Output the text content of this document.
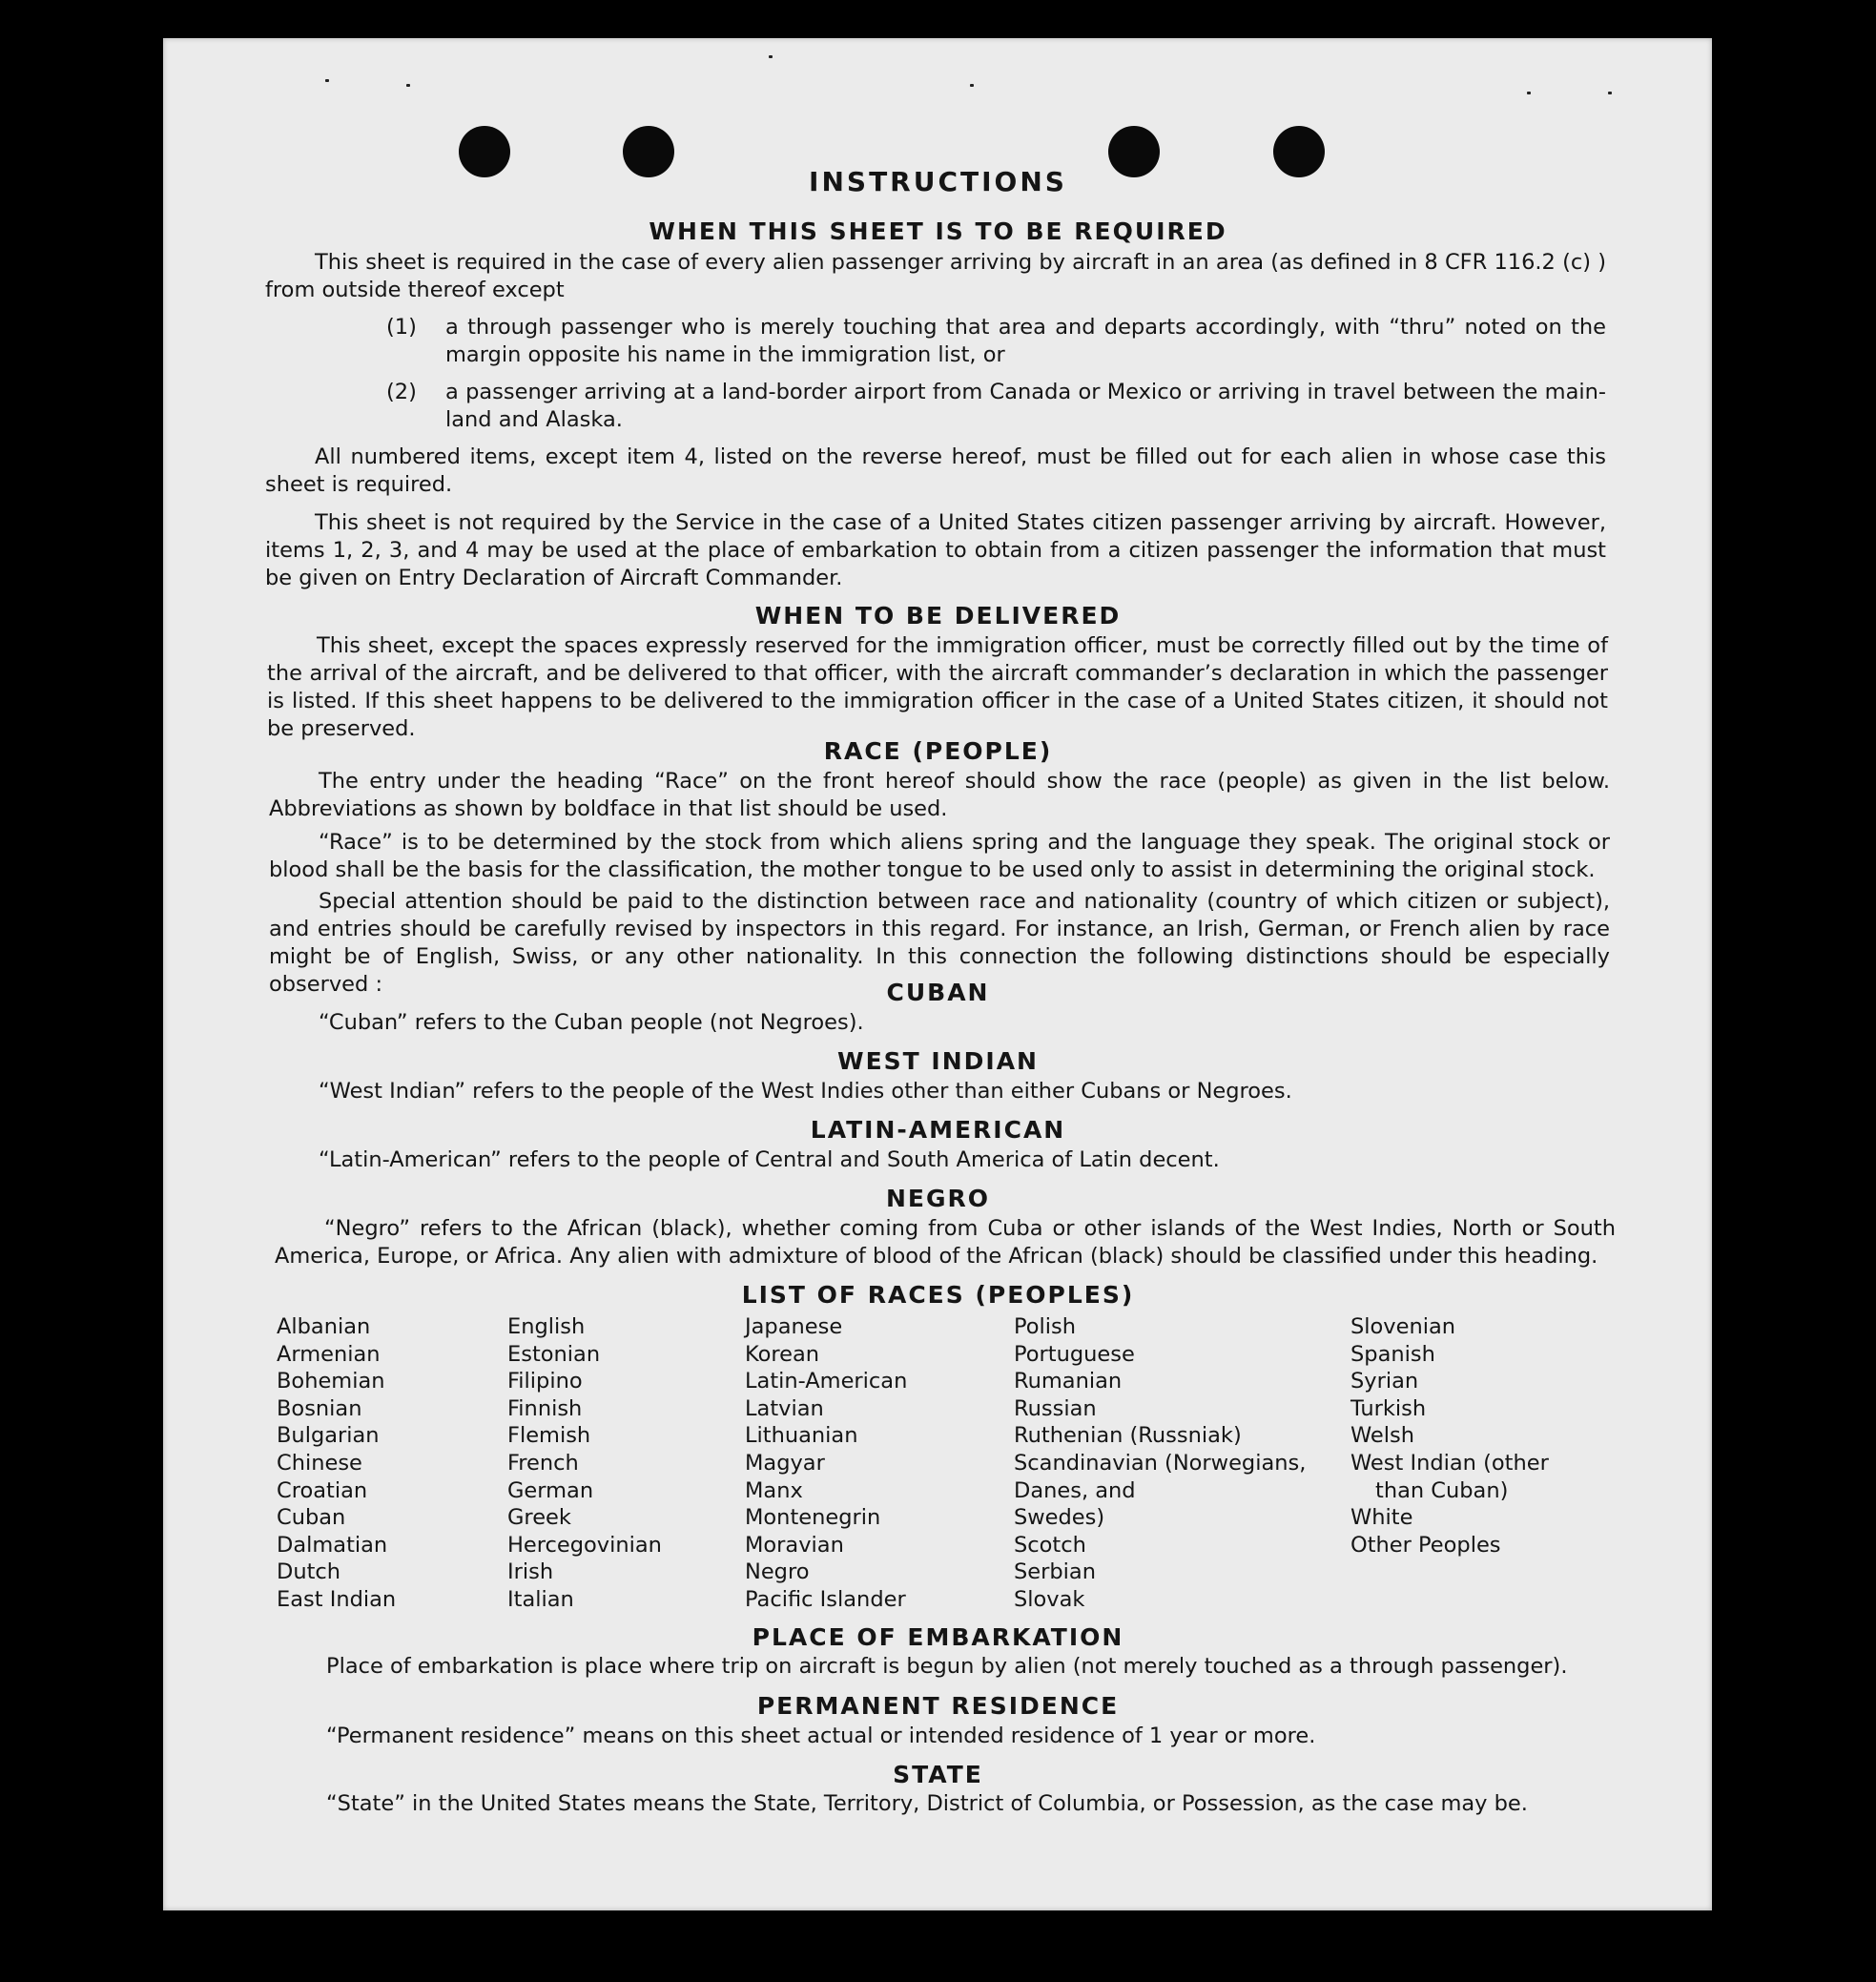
INSTRUCTIONS
WHEN THIS SHEET IS TO BE REQUIRED

This sheet is required in the case of every alien passenger arriving by aircraft in an area (as defined in 8 CFR 116.2 (c) ) from outside thereof except

(1) a through passenger who is merely touching that area and departs accordingly, with “thru” noted on the margin opposite his name in the immigration list, or
(2) a passenger arriving at a land-border airport from Canada or Mexico or arriving in travel between the main-land and Alaska.

All numbered items, except item 4, listed on the reverse hereof, must be filled out for each alien in whose case this sheet is required.

This sheet is not required by the Service in the case of a United States citizen passenger arriving by aircraft. However, items 1, 2, 3, and 4 may be used at the place of embarkation to obtain from a citizen passenger the information that must be given on Entry Declaration of Aircraft Commander.

WHEN TO BE DELIVERED

This sheet, except the spaces expressly reserved for the immigration officer, must be correctly filled out by the time of the arrival of the aircraft, and be delivered to that officer, with the aircraft commander’s declaration in which the passenger is listed. If this sheet happens to be delivered to the immigration officer in the case of a United States citizen, it should not be preserved.

RACE (PEOPLE)

The entry under the heading “Race” on the front hereof should show the race (people) as given in the list below. Abbreviations as shown by boldface in that list should be used.

“Race” is to be determined by the stock from which aliens spring and the language they speak. The original stock or blood shall be the basis for the classification, the mother tongue to be used only to assist in determining the original stock.

Special attention should be paid to the distinction between race and nationality (country of which citizen or subject), and entries should be carefully revised by inspectors in this regard. For instance, an Irish, German, or French alien by race might be of English, Swiss, or any other nationality. In this connection the following distinctions should be especially observed :	CUBAN

“Cuban” refers to the Cuban people (not Negroes).

WEST INDIAN

“West Indian” refers to the people of the West Indies other than either Cubans or Negroes.

LATIN-AMERICAN

“Latin-American” refers to the people of Central and South America of Latin decent.

NEGRO

“Negro” refers to the African (black), whether coming from Cuba or other islands of the West Indies, North or South America, Europe, or Africa. Any alien with admixture of blood of the African (black) should be classified under this heading.

LIST OF RACES (PEOPLES)
Albanian
Armenian
Bohemian
Bosnian
Bulgarian
Chinese
Croatian
Cuban
Dalmatian
Dutch
East Indian
English
Estonian
Filipino
Finnish
Flemish
French
German
Greek
Hercegovinian
Irish
Italian
Japanese
Korean
Latin-American
Latvian
Lithuanian
Magyar
Manx
Montenegrin
Moravian
Negro
Pacific Islander
Polish
Portuguese
Rumanian
Russian
Ruthenian (Russniak)
Scandinavian (Norwegians,
Danes, and
Swedes)
Scotch
Serbian
Slovak
Slovenian
Spanish
Syrian
Turkish
Welsh
West Indian (other
than Cuban)
White
Other Peoples
PLACE OF EMBARKATION

Place of embarkation is place where trip on aircraft is begun by alien (not merely touched as a through passenger).

PERMANENT RESIDENCE

“Permanent residence” means on this sheet actual or intended residence of 1 year or more.

STATE

“State” in the United States means the State, Territory, District of Columbia, or Possession, as the case may be.
